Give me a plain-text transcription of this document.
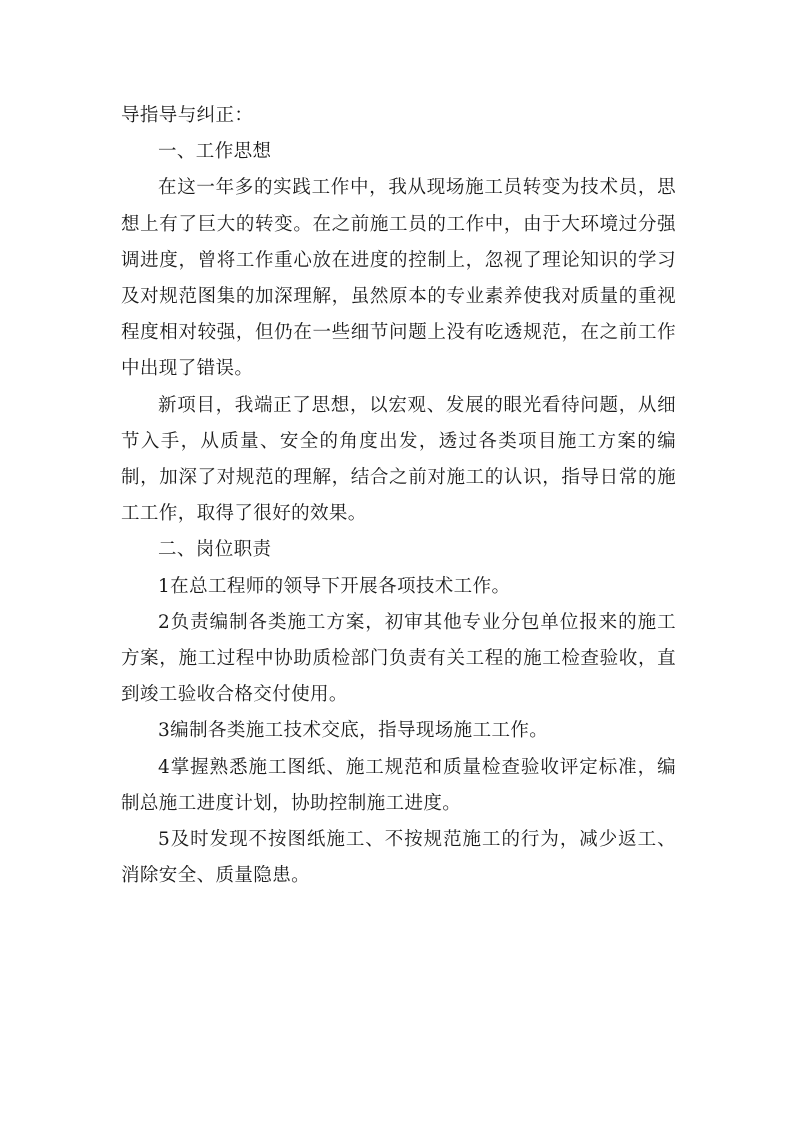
导指导与纠正：

一、工作思想

在这一年多的实践工作中，我从现场施工员转变为技术员，思想上有了巨大的转变。在之前施工员的工作中，由于大环境过分强调进度，曾将工作重心放在进度的控制上，忽视了理论知识的学习及对规范图集的加深理解，虽然原本的专业素养使我对质量的重视程度相对较强，但仍在一些细节问题上没有吃透规范，在之前工作中出现了错误。

新项目，我端正了思想，以宏观、发展的眼光看待问题，从细节入手，从质量、安全的角度出发，透过各类项目施工方案的编制，加深了对规范的理解，结合之前对施工的认识，指导日常的施工工作，取得了很好的效果。

二、岗位职责

1在总工程师的领导下开展各项技术工作。

2负责编制各类施工方案，初审其他专业分包单位报来的施工方案，施工过程中协助质检部门负责有关工程的施工检查验收，直到竣工验收合格交付使用。

3编制各类施工技术交底，指导现场施工工作。

4掌握熟悉施工图纸、施工规范和质量检查验收评定标准，编制总施工进度计划，协助控制施工进度。

5及时发现不按图纸施工、不按规范施工的行为，减少返工、消除安全、质量隐患。
